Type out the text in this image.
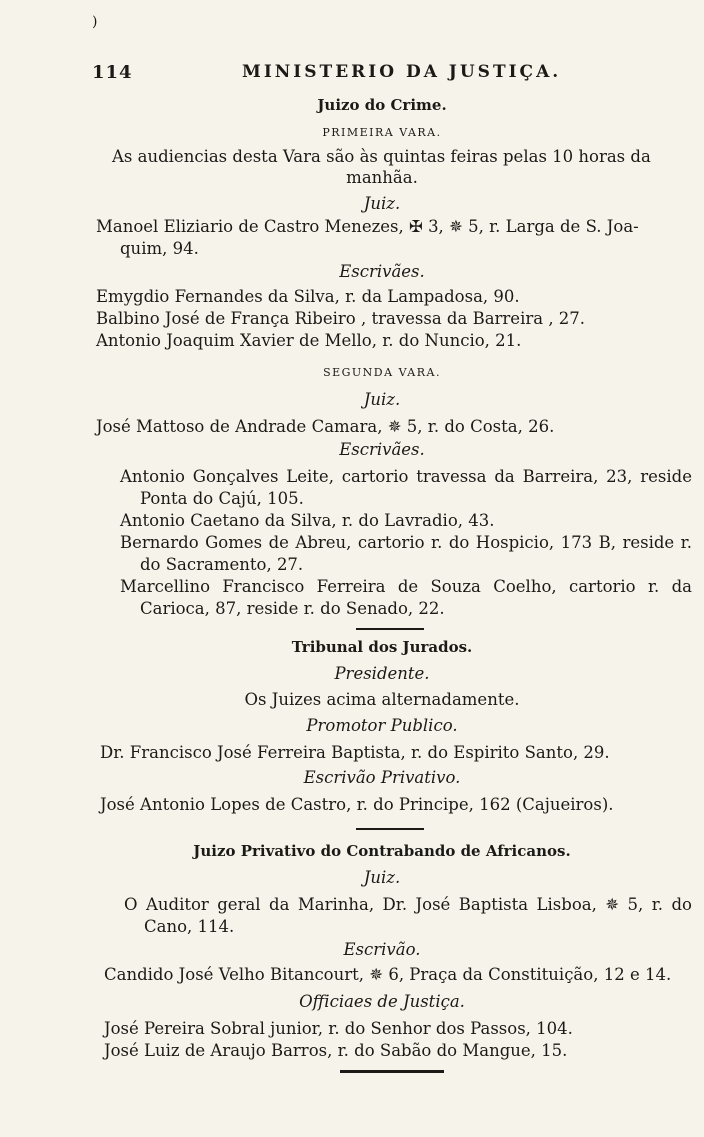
)
114	MINISTERIO DA JUSTIÇA.
Juizo do Crime.
PRIMEIRA VARA.
As audiencias desta Vara são às quintas feiras pelas 10 horas da
manhãa.
Juiz.
Manoel Eliziario de Castro Menezes, ✠ 3, ✵ 5, r. Larga de S. Joa-
quim, 94.
Escrivães.
Emygdio Fernandes da Silva, r. da Lampadosa, 90.
Balbino José de França Ribeiro , travessa da Barreira , 27.
Antonio Joaquim Xavier de Mello, r. do Nuncio, 21.
SEGUNDA VARA.
Juiz.
José Mattoso de Andrade Camara, ✵ 5, r. do Costa, 26.
Escrivães.
Antonio Gonçalves Leite, cartorio travessa da Barreira, 23, reside Ponta do Cajú, 105.
Antonio Caetano da Silva, r. do Lavradio, 43.
Bernardo Gomes de Abreu, cartorio r. do Hospicio, 173 B, reside r. do Sacramento, 27.
Marcellino Francisco Ferreira de Souza Coelho, cartorio r. da Carioca, 87, reside r. do Senado, 22.
Tribunal dos Jurados.
Presidente.
Os Juizes acima alternadamente.
Promotor Publico.
Dr. Francisco José Ferreira Baptista, r. do Espirito Santo, 29.
Escrivão Privativo.
José Antonio Lopes de Castro, r. do Principe, 162 (Cajueiros).
Juizo Privativo do Contrabando de Africanos.
Juiz.
O Auditor geral da Marinha, Dr. José Baptista Lisboa, ✵ 5, r. do Cano, 114.
Escrivão.
Candido José Velho Bitancourt, ✵ 6, Praça da Constituição, 12 e 14.
Officiaes de Justiça.
José Pereira Sobral junior, r. do Senhor dos Passos, 104.
José Luiz de Araujo Barros, r. do Sabão do Mangue, 15.
